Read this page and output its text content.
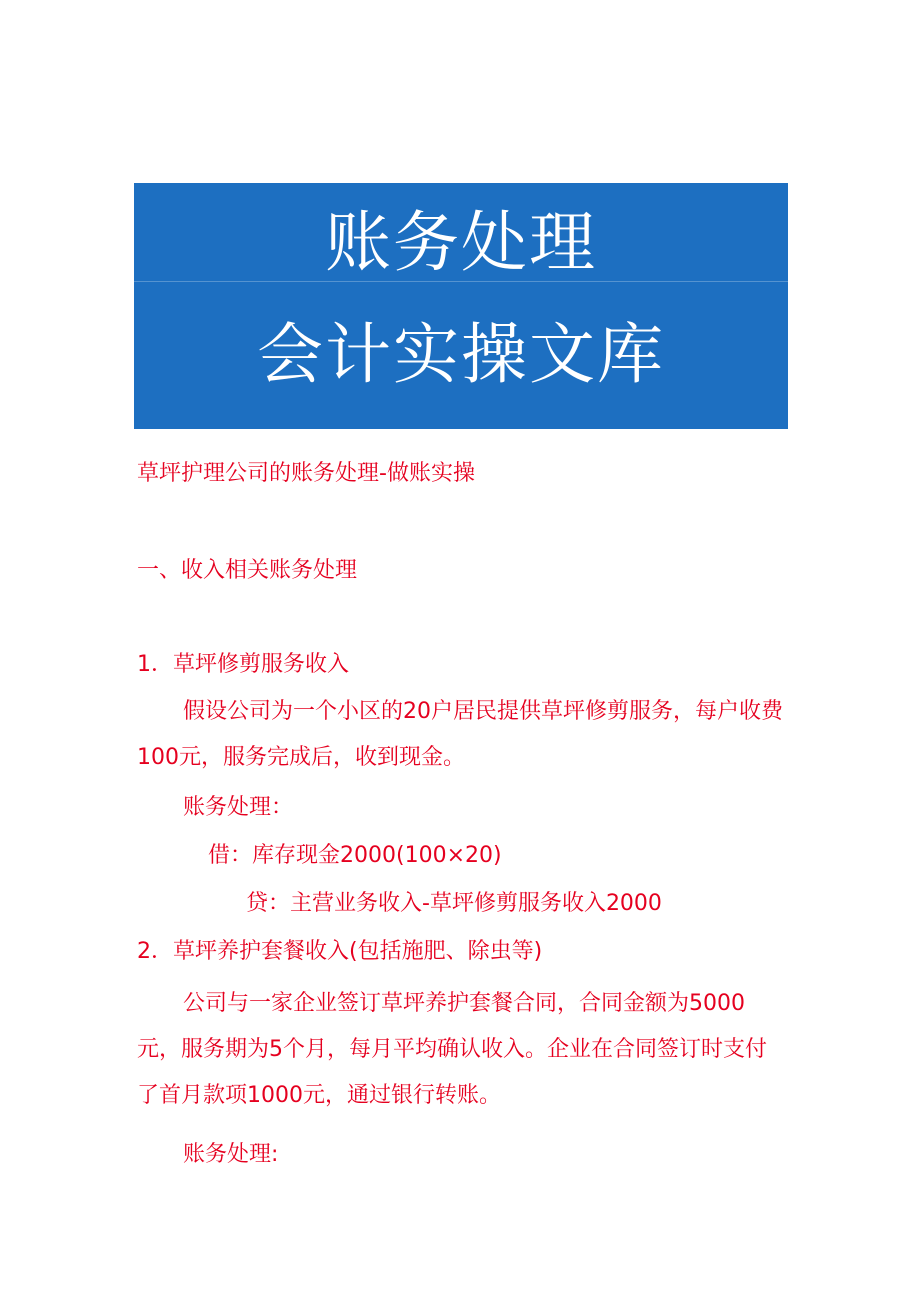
账务处理
会计实操文库
草坪护理公司的账务处理-做账实操
一、收入相关账务处理
1．草坪修剪服务收入
假设公司为一个小区的20户居民提供草坪修剪服务，每户收费100元，服务完成后，收到现金。
账务处理：
借：库存现金2000(100×20)
贷：主营业务收入-草坪修剪服务收入2000
2．草坪养护套餐收入(包括施肥、除虫等)
公司与一家企业签订草坪养护套餐合同，合同金额为5000元，服务期为5个月，每月平均确认收入。企业在合同签订时支付了首月款项1000元，通过银行转账。
账务处理:
